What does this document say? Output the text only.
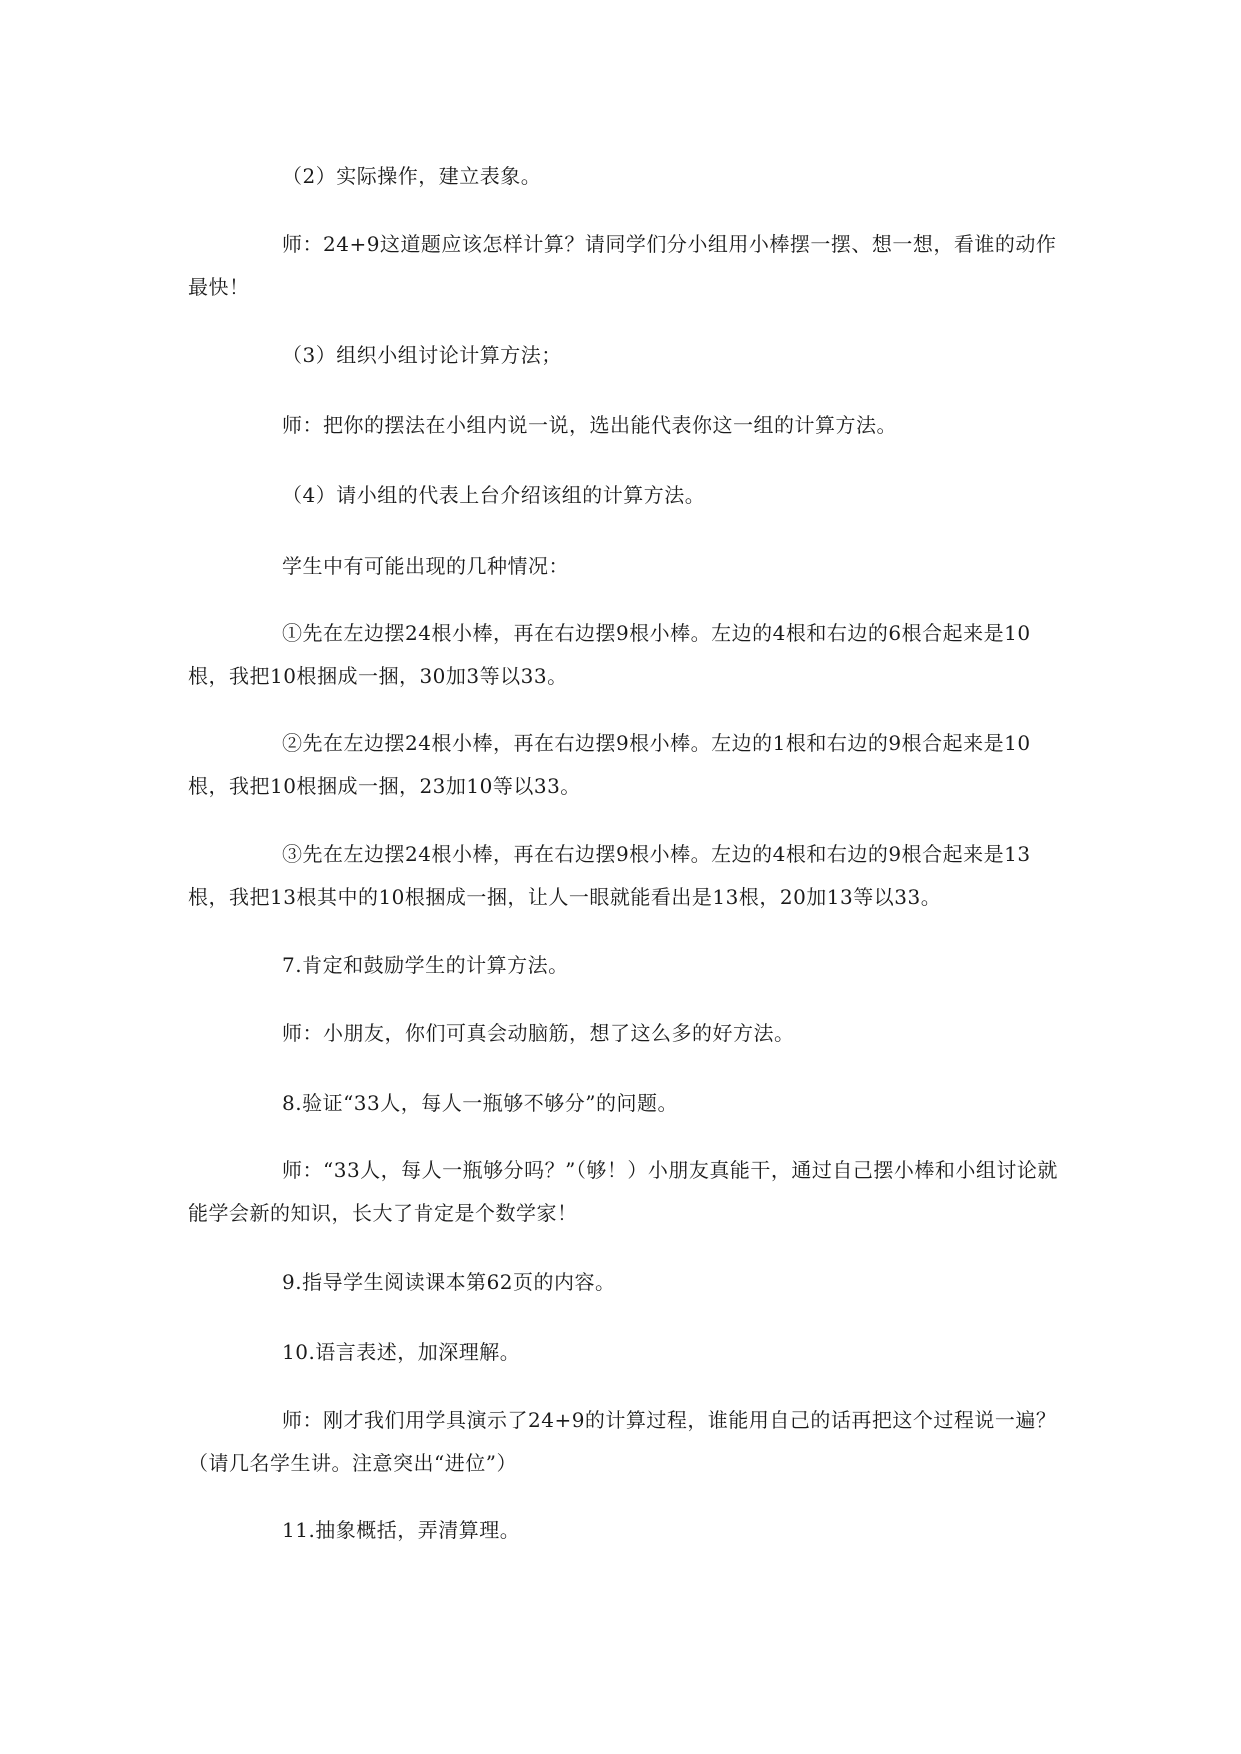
（2）实际操作，建立表象。

师：24+9这道题应该怎样计算？请同学们分小组用小棒摆一摆、想一想，看谁的动作最快！

（3）组织小组讨论计算方法；

师：把你的摆法在小组内说一说，选出能代表你这一组的计算方法。

（4）请小组的代表上台介绍该组的计算方法。

学生中有可能出现的几种情况：

①先在左边摆24根小棒，再在右边摆9根小棒。左边的4根和右边的6根合起来是10根，我把10根捆成一捆，30加3等以33。

②先在左边摆24根小棒，再在右边摆9根小棒。左边的1根和右边的9根合起来是10根，我把10根捆成一捆，23加10等以33。

③先在左边摆24根小棒，再在右边摆9根小棒。左边的4根和右边的9根合起来是13根，我把13根其中的10根捆成一捆，让人一眼就能看出是13根，20加13等以33。

7.肯定和鼓励学生的计算方法。

师：小朋友，你们可真会动脑筋，想了这么多的好方法。

8.验证“33人，每人一瓶够不够分”的问题。

师：“33人，每人一瓶够分吗？”（够！）小朋友真能干，通过自己摆小棒和小组讨论就能学会新的知识，长大了肯定是个数学家！

9.指导学生阅读课本第62页的内容。

10.语言表述，加深理解。

师：刚才我们用学具演示了24+9的计算过程，谁能用自己的话再把这个过程说一遍？（请几名学生讲。注意突出“进位”）

11.抽象概括，弄清算理。
